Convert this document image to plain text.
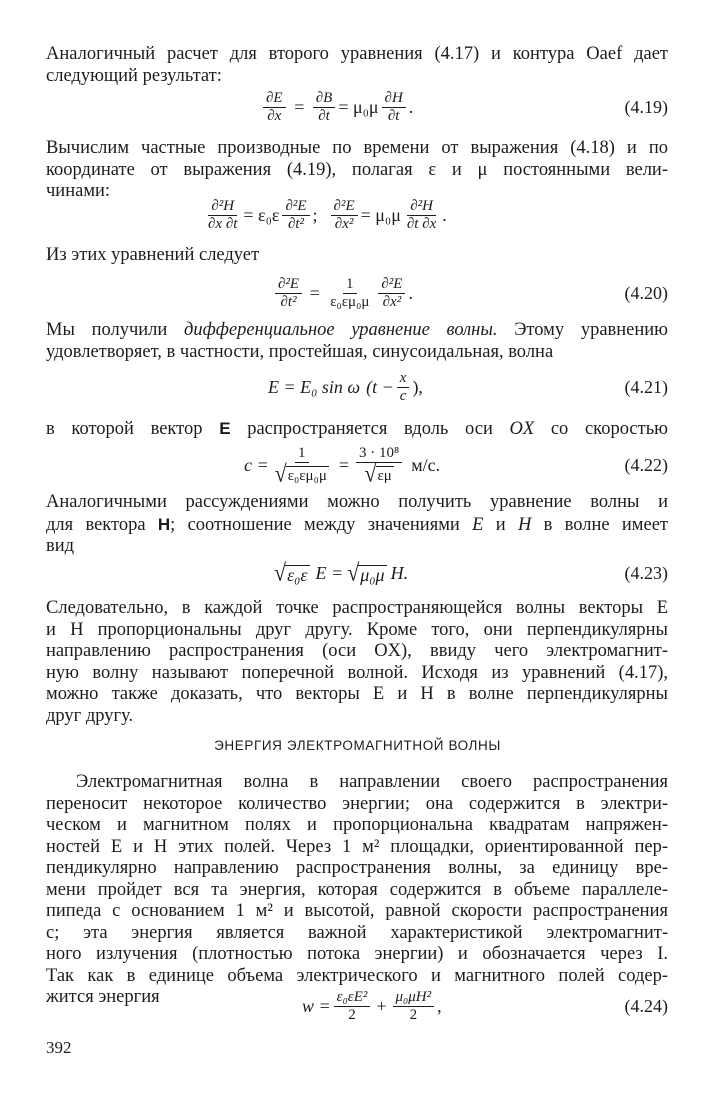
Аналогичный расчет для второго уравнения (4.17) и контура Oaef дает
следующий результат:
$\frac{\partial E}{\partial x} = \frac{\partial B}{\partial t} = \mu_0\mu \frac{\partial H}{\partial t}$ .	(4.19)
Вычислим частные производные по времени от выражения (4.18) и по
координате от выражения (4.19), полагая ε и μ постоянными вели-
чинами:
$\frac{\text{∂²H}}{\partial x \partial t} = \varepsilon_0\varepsilon \frac{\text{∂²E}}{\text{∂t²}}$ ; $\frac{\text{∂²E}}{\text{∂x²}} = \mu_0\mu \frac{\text{∂²H}}{\partial t \partial x}$ .
Из этих уравнений следует
$\frac{\text{∂²E}}{\text{∂t²}} = \frac{1}{\text{ε₀εμ₀μ}} \frac{\text{∂²E}}{\text{∂x²}}$ .	(4.20)
Мы получили дифференциальное уравнение волны. Этому уравнению
удовлетворяет, в частности, простейшая, синусоидальная, волна
E = E₀ sin ω ($t - \frac{x}{c}$ ),	(4.21)
в которой вектор E распространяется вдоль оси OX со скоростью
$c = \frac{1}{\text{√ ε₀εμ₀μ}} = \frac{\text{3 · 10⁸}}{√ \varepsilon\mu} м/с$.	(4.22)
Аналогичными рассуждениями можно получить уравнение волны и
для вектора H; соотношение между значениями E и H в волне имеет
вид
√ ε₀ε E = √ μ₀μ H.	(4.23)
Следовательно, в каждой точке распространяющейся волны векторы E
и H пропорциональны друг другу. Кроме того, они перпендикулярны
направлению распространения (оси OX), ввиду чего электромагнит-
ную волну называют поперечной волной. Исходя из уравнений (4.17),
можно также доказать, что векторы E и H в волне перпендикулярны
друг другу.
ЭНЕРГИЯ ЭЛЕКТРОМАГНИТНОЙ ВОЛНЫ
Электромагнитная волна в направлении своего распространения
переносит некоторое количество энергии; она содержится в электри-
ческом и магнитном полях и пропорциональна квадратам напряжен-
ностей E и H этих полей. Через 1 м² площадки, ориентированной пер-
пендикулярно направлению распространения волны, за единицу вре-
мени пройдет вся та энергия, которая содержится в объеме параллеле-
пипеда с основанием 1 м² и высотой, равной скорости распространения
c; эта энергия является важной характеристикой электромагнит-
ного излучения (плотностью потока энергии) и обозначается через I.
Так как в единице объема электрического и магнитного полей содер-
жится энергия	$w = \frac{\text{ε₀εE²}}{2} + \frac{\text{μ₀μH²}}{2}$ ,	(4.24)
392
